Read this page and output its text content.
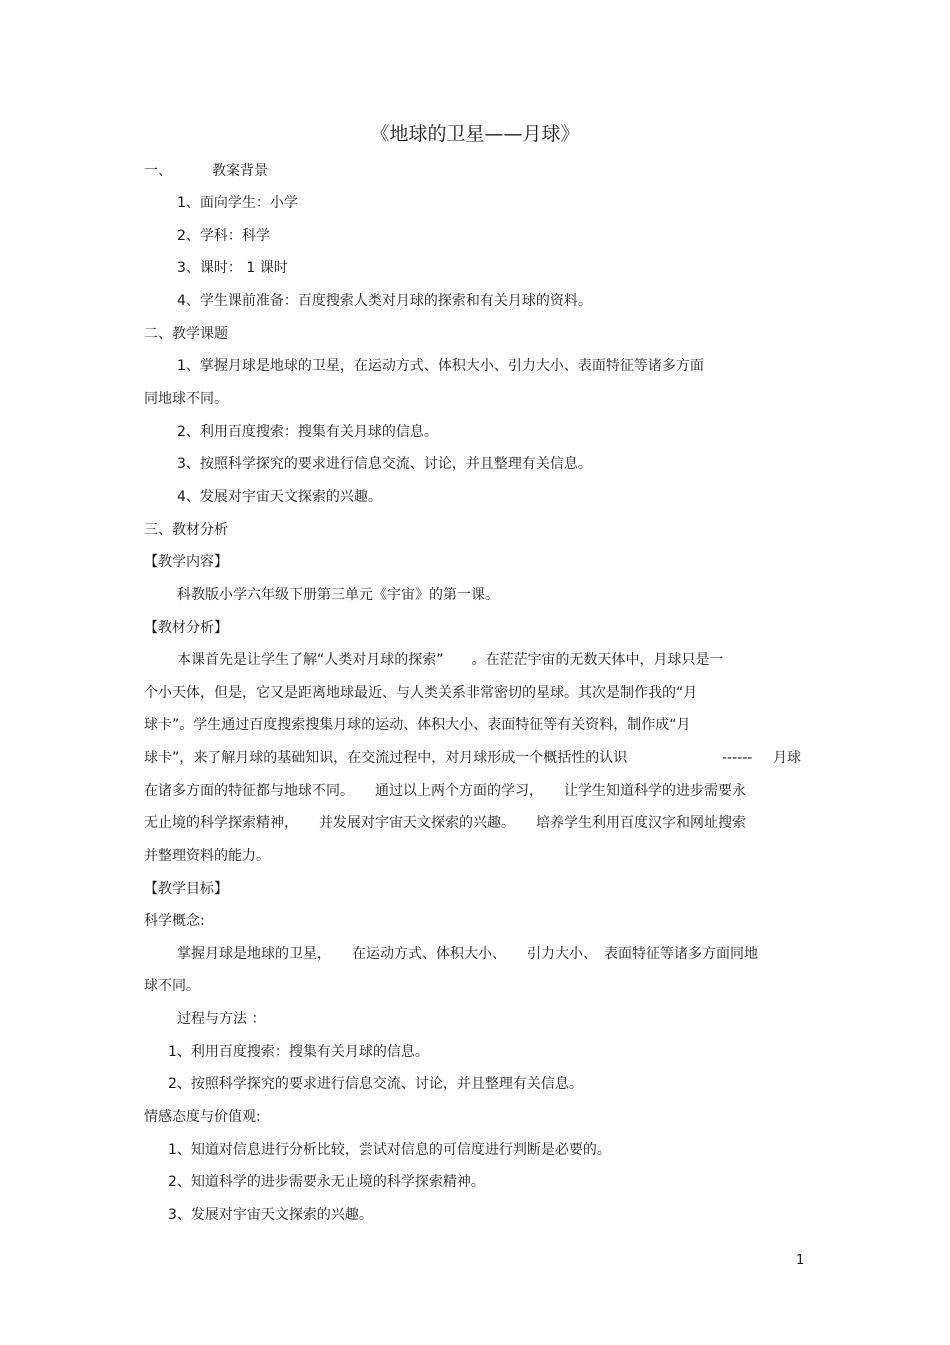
《地球的卫星——月球》
一、	教案背景
1、面向学生：小学
2、学科：科学
3、课时： 1 课时
4、学生课前准备：百度搜索人类对月球的探索和有关月球的资料。
二、教学课题
1、掌握月球是地球的卫星，在运动方式、体积大小、引力大小、表面特征等诸多方面
同地球不同。
2、利用百度搜索：搜集有关月球的信息。
3、按照科学探究的要求进行信息交流、讨论，并且整理有关信息。
4、发展对宇宙天文探索的兴趣。
三、教材分析
【教学内容】
科教版小学六年级下册第三单元《宇宙》的第一课。
【教材分析】
本课首先是让学生了解“人类对月球的探索”　　。在茫茫宇宙的无数天体中，月球只是一
个小天体，但是，它又是距离地球最近、与人类关系非常密切的星球。其次是制作我的“月
球卡”。学生通过百度搜索搜集月球的运动、体积大小、表面特征等有关资料，制作成“月
球卡”，来了解月球的基础知识，在交流过程中，对月球形成一个概括性的认识	------ 月球
在诸多方面的特征都与地球不同。　　通过以上两个方面的学习，　　让学生知道科学的进步需要永
无止境的科学探索精神，　　并发展对宇宙天文探索的兴趣。　　培养学生利用百度汉字和网址搜索
并整理资料的能力。
【教学目标】
科学概念:
掌握月球是地球的卫星，　　在运动方式、体积大小、　　引力大小、　表面特征等诸多方面同地
球不同。
过程与方法 ：
1、利用百度搜索：搜集有关月球的信息。
2、按照科学探究的要求进行信息交流、讨论，并且整理有关信息。
情感态度与价值观:
1、知道对信息进行分析比较，尝试对信息的可信度进行判断是必要的。
2、知道科学的进步需要永无止境的科学探索精神。
3、发展对宇宙天文探索的兴趣。
1
